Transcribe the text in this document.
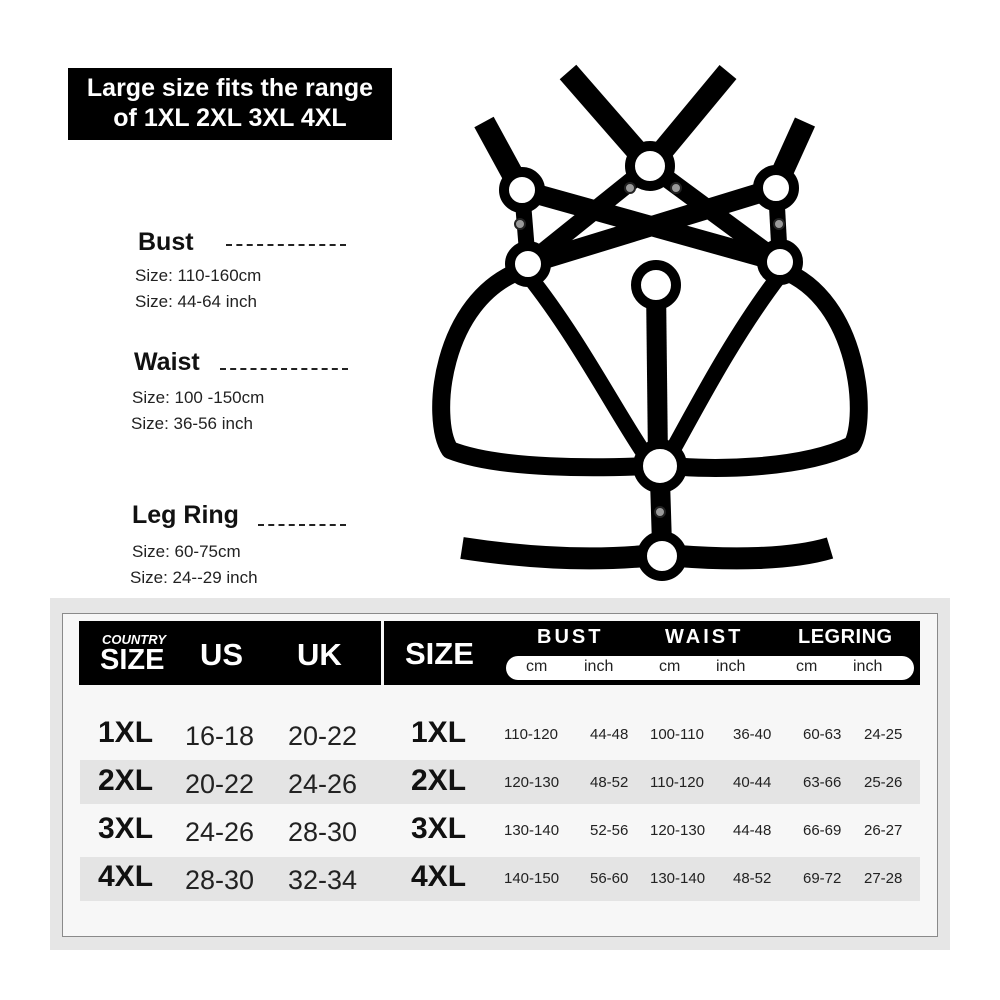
Large size fits the range
of 1XL 2XL 3XL 4XL
Bust
Size: 110-160cm
Size: 44-64 inch
Waist
Size: 100 -150cm
Size: 36-56 inch
Leg Ring
Size: 60-75cm
Size: 24--29 inch
COUNTRY
SIZE US UK SIZE	BUST	WAIST	LEGRING
cm inch	cm inch	cm inch
1XL 16-18 20-22 1XL	110-120 44-48 100-110 36-40 60-63 24-25
2XL 20-22 24-26 2XL	120-130 48-52 110-120 40-44 63-66 25-26
3XL 24-26 28-30 3XL	130-140 52-56 120-130 44-48 66-69 26-27
4XL 28-30 32-34 4XL	140-150 56-60 130-140 48-52 69-72 27-28
